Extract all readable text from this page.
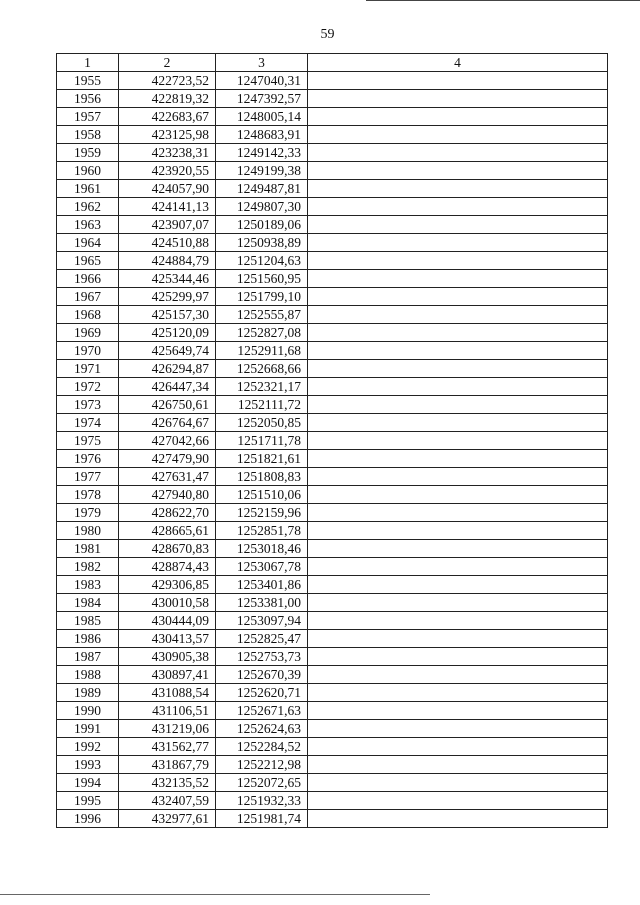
59
1	2	3	4
1955	422723,52	1247040,31	
1956	422819,32	1247392,57	
1957	422683,67	1248005,14	
1958	423125,98	1248683,91	
1959	423238,31	1249142,33	
1960	423920,55	1249199,38	
1961	424057,90	1249487,81	
1962	424141,13	1249807,30	
1963	423907,07	1250189,06	
1964	424510,88	1250938,89	
1965	424884,79	1251204,63	
1966	425344,46	1251560,95	
1967	425299,97	1251799,10	
1968	425157,30	1252555,87	
1969	425120,09	1252827,08	
1970	425649,74	1252911,68	
1971	426294,87	1252668,66	
1972	426447,34	1252321,17	
1973	426750,61	1252111,72	
1974	426764,67	1252050,85	
1975	427042,66	1251711,78	
1976	427479,90	1251821,61	
1977	427631,47	1251808,83	
1978	427940,80	1251510,06	
1979	428622,70	1252159,96	
1980	428665,61	1252851,78	
1981	428670,83	1253018,46	
1982	428874,43	1253067,78	
1983	429306,85	1253401,86	
1984	430010,58	1253381,00	
1985	430444,09	1253097,94	
1986	430413,57	1252825,47	
1987	430905,38	1252753,73	
1988	430897,41	1252670,39	
1989	431088,54	1252620,71	
1990	431106,51	1252671,63	
1991	431219,06	1252624,63	
1992	431562,77	1252284,52	
1993	431867,79	1252212,98	
1994	432135,52	1252072,65	
1995	432407,59	1251932,33	
1996	432977,61	1251981,74	
